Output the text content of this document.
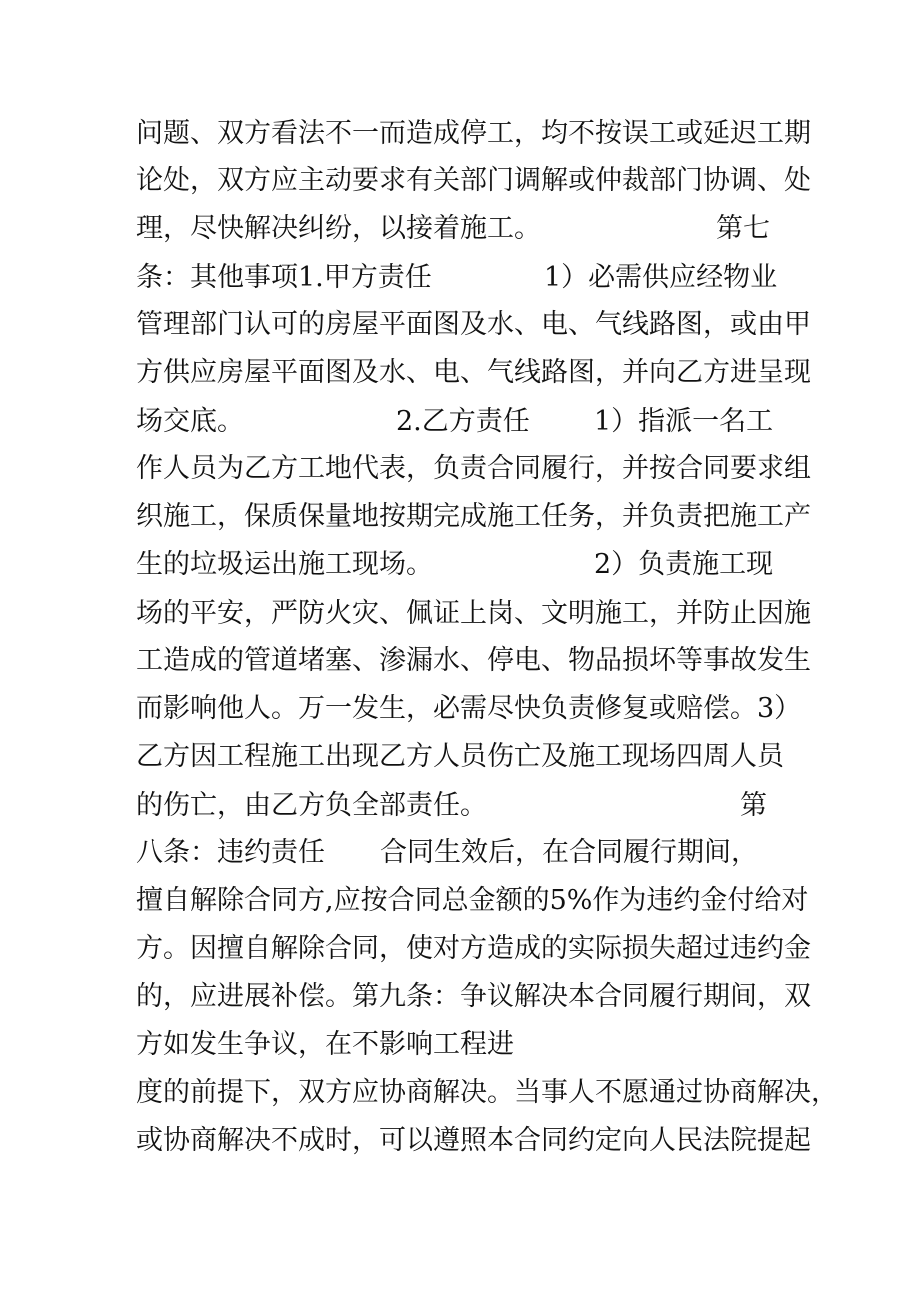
问题、双方看法不一而造成停工，均不按误工或延迟工期

论处，双方应主动要求有关部门调解或仲裁部门协调、处

理，尽快解决纠纷，以接着施工。

	第七

条：其他事项1.甲方责任

	1）必需供应经物业

管理部门认可的房屋平面图及水、电、气线路图，或由甲

方供应房屋平面图及水、电、气线路图，并向乙方进呈现

场交底。

	2.乙方责任

1）指派一名工

作人员为乙方工地代表，负责合同履行，并按合同要求组

织施工，保质保量地按期完成施工任务，并负责把施工产

生的垃圾运出施工现场。

	2）负责施工现

场的平安，严防火灾、佩证上岗、文明施工，并防止因施

工造成的管道堵塞、渗漏水、停电、物品损坏等事故发生

而影响他人。万一发生，必需尽快负责修复或赔偿。3）

乙方因工程施工出现乙方人员伤亡及施工现场四周人员

的伤亡，由乙方负全部责任。

	第

八条：违约责任

合同生效后，在合同履行期间，

擅自解除合同方,应按合同总金额的5%作为违约金付给对

方。因擅自解除合同，使对方造成的实际损失超过违约金

的，应进展补偿。第九条：争议解决本合同履行期间，双

方如发生争议，在不影响工程进

度的前提下，双方应协商解决。当事人不愿通过协商解决，

或协商解决不成时，可以遵照本合同约定向人民法院提起
